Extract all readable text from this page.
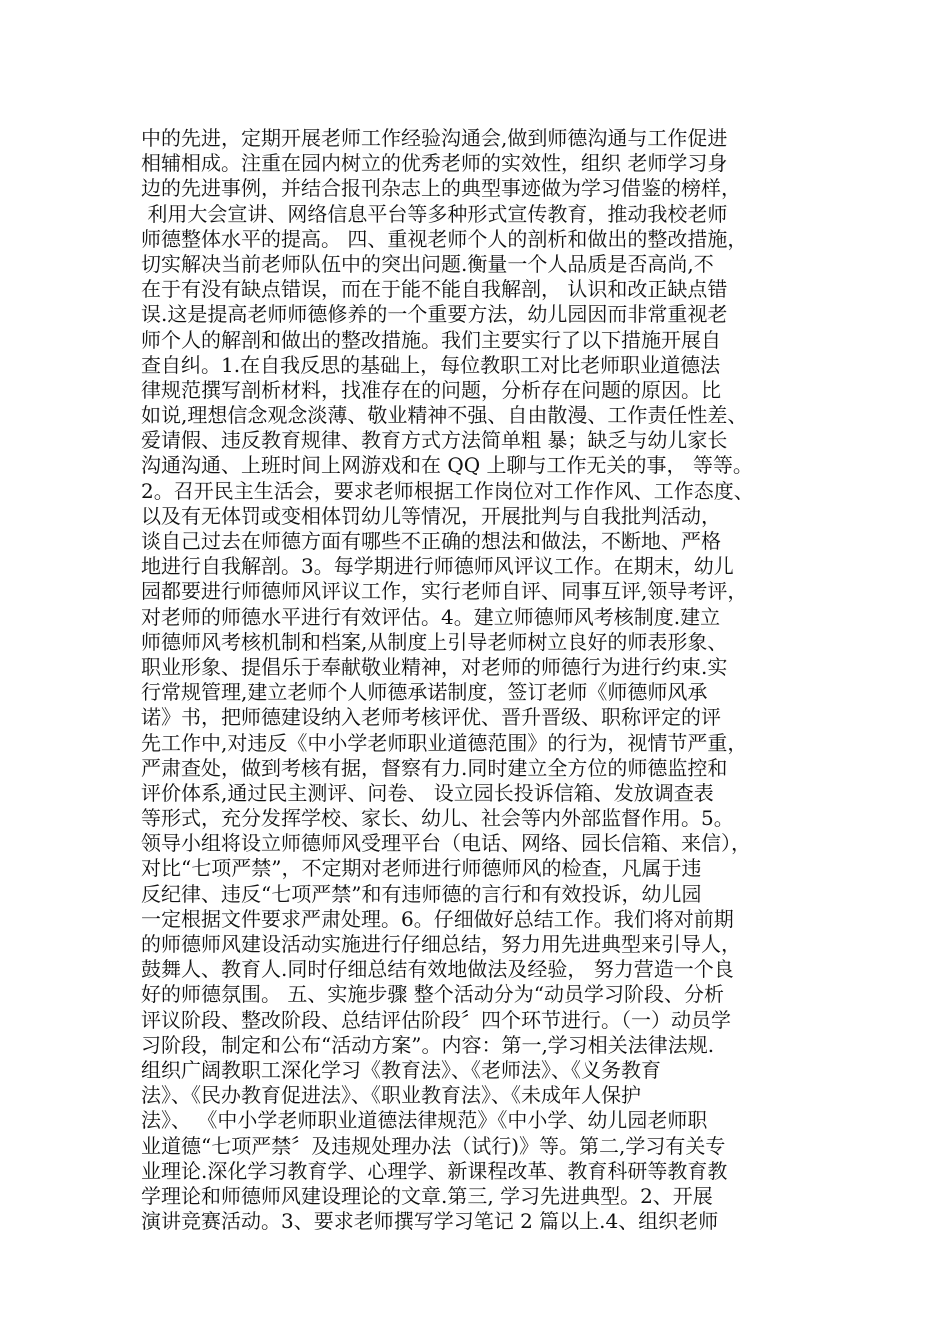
中的先进，定期开展老师工作经验沟通会,做到师德沟通与工作促进
相辅相成。注重在园内树立的优秀老师的实效性，组织 老师学习身
边的先进事例，并结合报刊杂志上的典型事迹做为学习借鉴的榜样，
利用大会宣讲、网络信息平台等多种形式宣传教育，推动我校老师
师德整体水平的提高。 四、重视老师个人的剖析和做出的整改措施，
切实解决当前老师队伍中的突出问题.衡量一个人品质是否高尚,不
在于有没有缺点错误，而在于能不能自我解剖， 认识和改正缺点错
误.这是提高老师师德修养的一个重要方法，幼儿园因而非常重视老
师个人的解剖和做出的整改措施。我们主要实行了以下措施开展自
查自纠。1.在自我反思的基础上，每位教职工对比老师职业道德法
律规范撰写剖析材料，找准存在的问题，分析存在问题的原因。比
如说,理想信念观念淡薄、敬业精神不强、自由散漫、工作责任性差、
爱请假、违反教育规律、教育方式方法简单粗 暴；缺乏与幼儿家长
沟通沟通、上班时间上网游戏和在 QQ 上聊与工作无关的事， 等等。
2。召开民主生活会，要求老师根据工作岗位对工作作风、工作态度、
以及有无体罚或变相体罚幼儿等情况，开展批判与自我批判活动，
谈自己过去在师德方面有哪些不正确的想法和做法，不断地、严格
地进行自我解剖。3。每学期进行师德师风评议工作。在期末，幼儿
园都要进行师德师风评议工作，实行老师自评、同事互评,领导考评，
对老师的师德水平进行有效评估。4。建立师德师风考核制度.建立
师德师风考核机制和档案,从制度上引导老师树立良好的师表形象、
职业形象、提倡乐于奉献敬业精神，对老师的师德行为进行约束.实
行常规管理,建立老师个人师德承诺制度，签订老师《师德师风承
诺》书，把师德建设纳入老师考核评优、晋升晋级、职称评定的评
先工作中,对违反《中小学老师职业道德范围》的行为，视情节严重，
严肃查处，做到考核有据，督察有力.同时建立全方位的师德监控和
评价体系,通过民主测评、问卷、 设立园长投诉信箱、发放调查表
等形式，充分发挥学校、家长、幼儿、社会等内外部监督作用。5。
领导小组将设立师德师风受理平台（电话、网络、园长信箱、来信），
对比“七项严禁”，不定期对老师进行师德师风的检查，凡属于违
反纪律、违反“七项严禁”和有违师德的言行和有效投诉，幼儿园
一定根据文件要求严肃处理。6。仔细做好总结工作。我们将对前期
的师德师风建设活动实施进行仔细总结，努力用先进典型来引导人，
鼓舞人、教育人.同时仔细总结有效地做法及经验， 努力营造一个良
好的师德氛围。 五、实施步骤 整个活动分为“动员学习阶段、分析
评议阶段、整改阶段、总结评估阶段〞四个环节进行。（一）动员学
习阶段，制定和公布“活动方案”。内容：第一,学习相关法律法规.
组织广阔教职工深化学习《教育法》、《老师法》、《义务教育
法》、《民办教育促进法》、《职业教育法》、《未成年人保护
法》、 《中小学老师职业道德法律规范》《中小学、幼儿园老师职
业道德“七项严禁〞及违规处理办法（试行)》等。第二,学习有关专
业理论.深化学习教育学、心理学、新课程改革、教育科研等教育教
学理论和师德师风建设理论的文章.第三, 学习先进典型。2、开展
演讲竞赛活动。3、要求老师撰写学习笔记 2 篇以上.4、组织老师
